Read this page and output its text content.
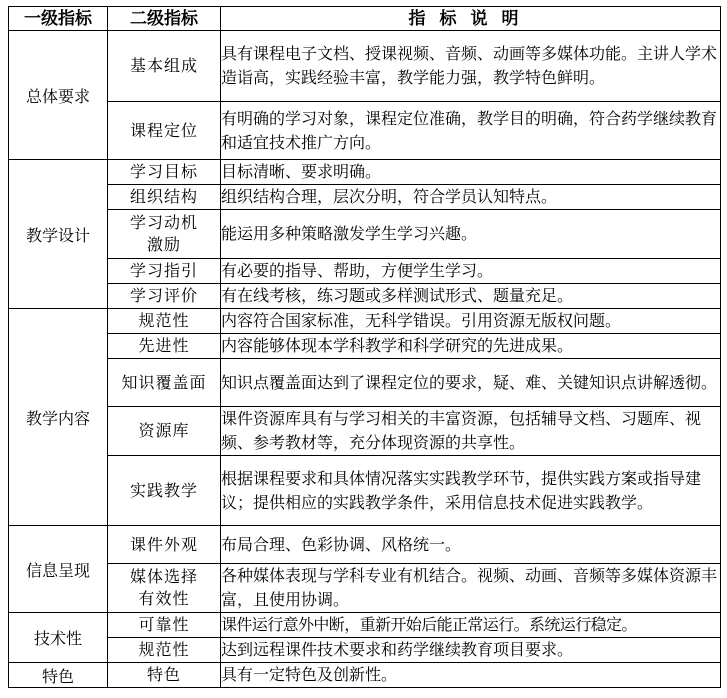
一级指标	二级指标	指标说明
总体要求	基本组成	具有课程电子文档、授课视频、音频、动画等多媒体功能。主讲人学术造诣高，实践经验丰富，教学能力强，教学特色鲜明。
	课程定位	有明确的学习对象，课程定位准确，教学目的明确，符合药学继续教育和适宜技术推广方向。
教学设计	学习目标	目标清晰、要求明确。
	组织结构	组织结构合理，层次分明，符合学员认知特点。
	学习动机激励	能运用多种策略激发学生学习兴趣。
	学习指引	有必要的指导、帮助，方便学生学习。
	学习评价	有在线考核，练习题或多样测试形式、题量充足。
教学内容	规范性	内容符合国家标准，无科学错误。引用资源无版权问题。
	先进性	内容能够体现本学科教学和科学研究的先进成果。
	知识覆盖面	知识点覆盖面达到了课程定位的要求，疑、难、关键知识点讲解透彻。
	资源库	课件资源库具有与学习相关的丰富资源，包括辅导文档、习题库、视频、参考教材等，充分体现资源的共享性。
	实践教学	根据课程要求和具体情况落实实践教学环节，提供实践方案或指导建议；提供相应的实践教学条件，采用信息技术促进实践教学。
信息呈现	课件外观	布局合理、色彩协调、风格统一。
	媒体选择有效性	各种媒体表现与学科专业有机结合。视频、动画、音频等多媒体资源丰富，且使用协调。
技术性	可靠性	课件运行意外中断，重新开始后能正常运行。系统运行稳定。
	规范性	达到远程课件技术要求和药学继续教育项目要求。
特色	特色	具有一定特色及创新性。
